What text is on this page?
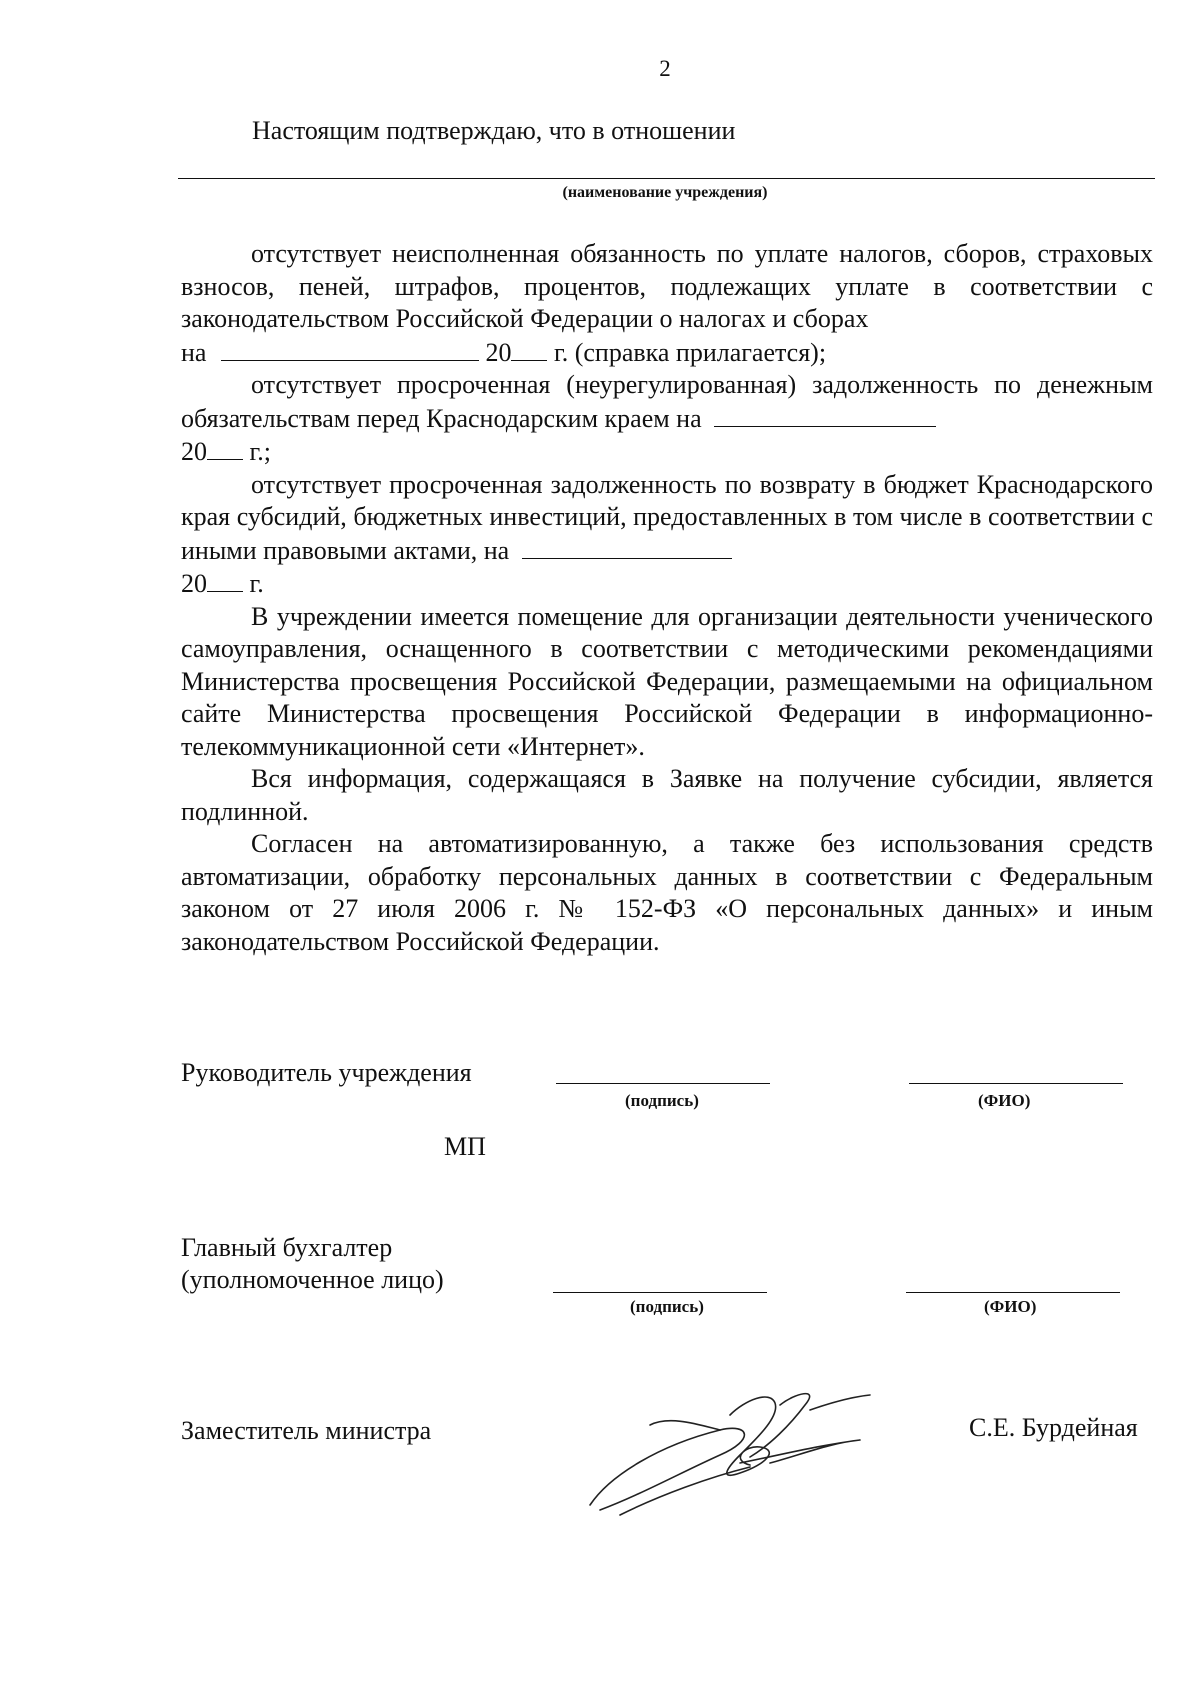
2
Настоящим подтверждаю, что в отношении
(наименование учреждения)

отсутствует неисполненная обязанность по уплате налогов, сборов, страховых взносов, пеней, штрафов, процентов, подлежащих уплате в соответствии с законодательством Российской Федерации о налогах и сборах

на	20 г. (справка прилагается);

отсутствует просроченная (неурегулированная) задолженность по денежным обязательствам перед Краснодарским краем на

20 г.;

отсутствует просроченная задолженность по возврату в бюджет Краснодарского края субсидий, бюджетных инвестиций, предоставленных в том числе в соответствии с иными правовыми актами, на

20 г.

В учреждении имеется помещение для организации деятельности ученического самоуправления, оснащенного в соответствии с методическими рекомендациями Министерства просвещения Российской Федерации, размещаемыми на официальном сайте Министерства просвещения Российской Федерации в информационно-телекоммуникационной сети «Интернет».

Вся информация, содержащаяся в Заявке на получение субсидии, является подлинной.

Согласен на автоматизированную, а также без использования средств автоматизации, обработку персональных данных в соответствии с Федеральным законом от 27 июля 2006 г. № 152-ФЗ «О персональных данных» и иным законодательством Российской Федерации.

Руководитель учреждения
(подпись)	(ФИО)
МП
Главный бухгалтер
(уполномоченное лицо)
(подпись)	(ФИО)
Заместитель министра	С.Е. Бурдейная
